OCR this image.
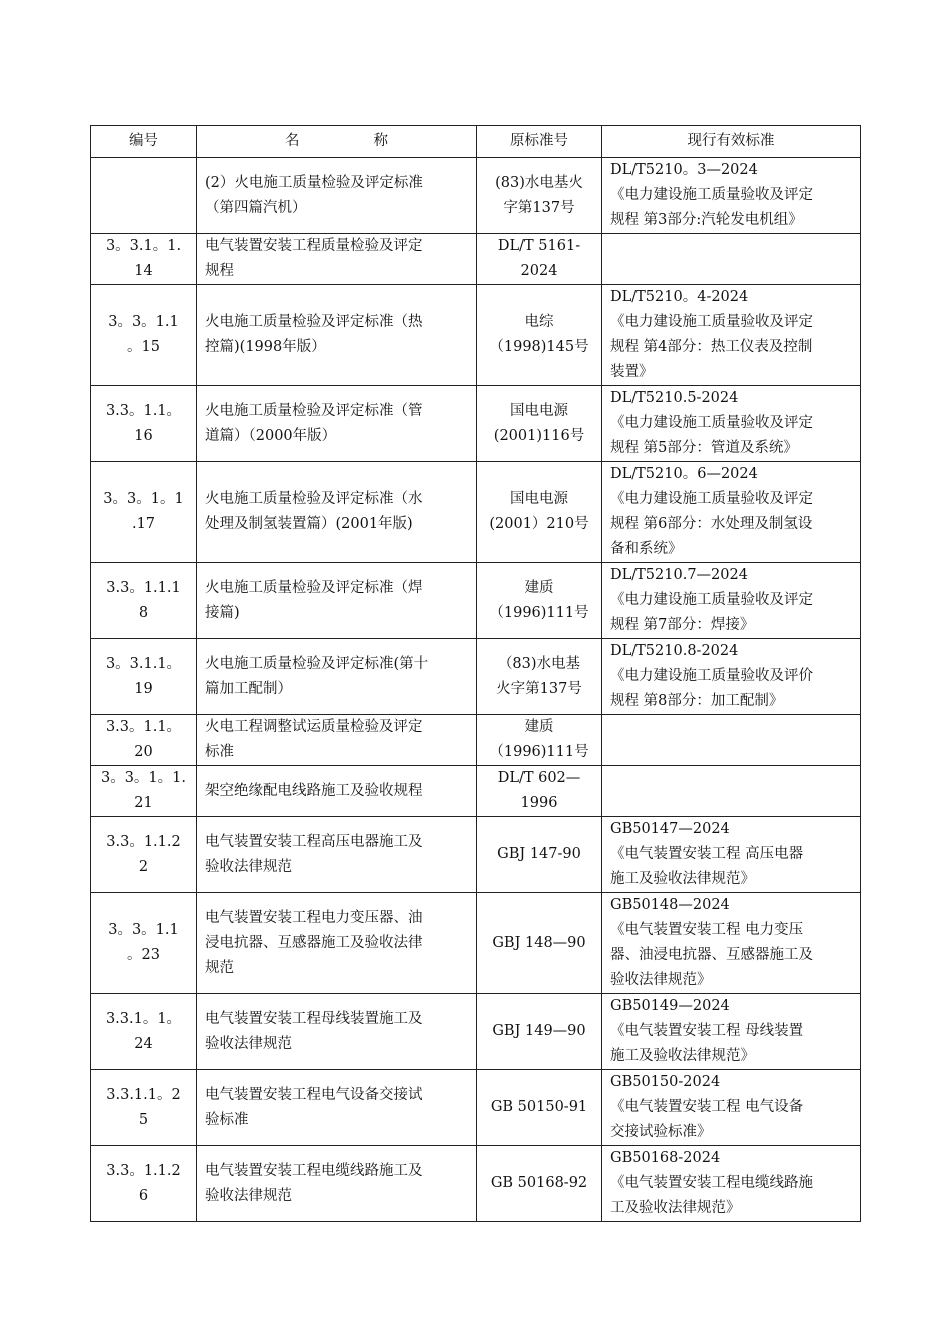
编号	名 称	原标准号	现行有效标准

	(2）火电施工质量检验及评定标准
（第四篇汽机）	(83)水电基火
字第137号	DL/T5210。3—2024
《电力建设施工质量验收及评定
规程 第3部分:汽轮发电机组》

3。3.1。1.
14	电气装置安装工程质量检验及评定
规程	DL/T 5161-
2024	

3。3。1.1
。15	火电施工质量检验及评定标准（热
控篇)(1998年版）	电综
（1998)145号	DL/T5210。4-2024
《电力建设施工质量验收及评定
规程 第4部分：热工仪表及控制
装置》

3.3。1.1。
16	火电施工质量检验及评定标准（管
道篇）（2000年版）	国电电源
(2001)116号	DL/T5210.5-2024
《电力建设施工质量验收及评定
规程 第5部分：管道及系统》

3。3。1。1
.17	火电施工质量检验及评定标准（水
处理及制氢装置篇）(2001年版)	国电电源
(2001）210号	DL/T5210。6—2024
《电力建设施工质量验收及评定
规程 第6部分：水处理及制氢设
备和系统》

3.3。1.1.1
8	火电施工质量检验及评定标准（焊
接篇)	建质
（1996)111号	DL/T5210.7—2024
《电力建设施工质量验收及评定
规程 第7部分：焊接》

3。3.1.1。
19	火电施工质量检验及评定标准(第十
篇加工配制）	（83)水电基
火字第137号	DL/T5210.8-2024
《电力建设施工质量验收及评价
规程 第8部分：加工配制》

3.3。1.1。
20	火电工程调整试运质量检验及评定
标准	建质
（1996)111号	

3。3。1。1.
21	架空绝缘配电线路施工及验收规程	DL/T 602—
1996	

3.3。1.1.2
2	电气装置安装工程高压电器施工及
验收法律规范	GBJ 147-90	GB50147—2024
《电气装置安装工程 高压电器
施工及验收法律规范》

3。3。1.1
。23	电气装置安装工程电力变压器、油
浸电抗器、互感器施工及验收法律
规范	GBJ 148—90	GB50148—2024
《电气装置安装工程 电力变压
器、油浸电抗器、互感器施工及
验收法律规范》

3.3.1。1。
24	电气装置安装工程母线装置施工及
验收法律规范	GBJ 149—90	GB50149—2024
《电气装置安装工程 母线装置
施工及验收法律规范》

3.3.1.1。2
5	电气装置安装工程电气设备交接试
验标准	GB 50150-91	GB50150-2024
《电气装置安装工程 电气设备
交接试验标准》

3.3。1.1.2
6	电气装置安装工程电缆线路施工及
验收法律规范	GB 50168-92	GB50168-2024
《电气装置安装工程电缆线路施
工及验收法律规范》
